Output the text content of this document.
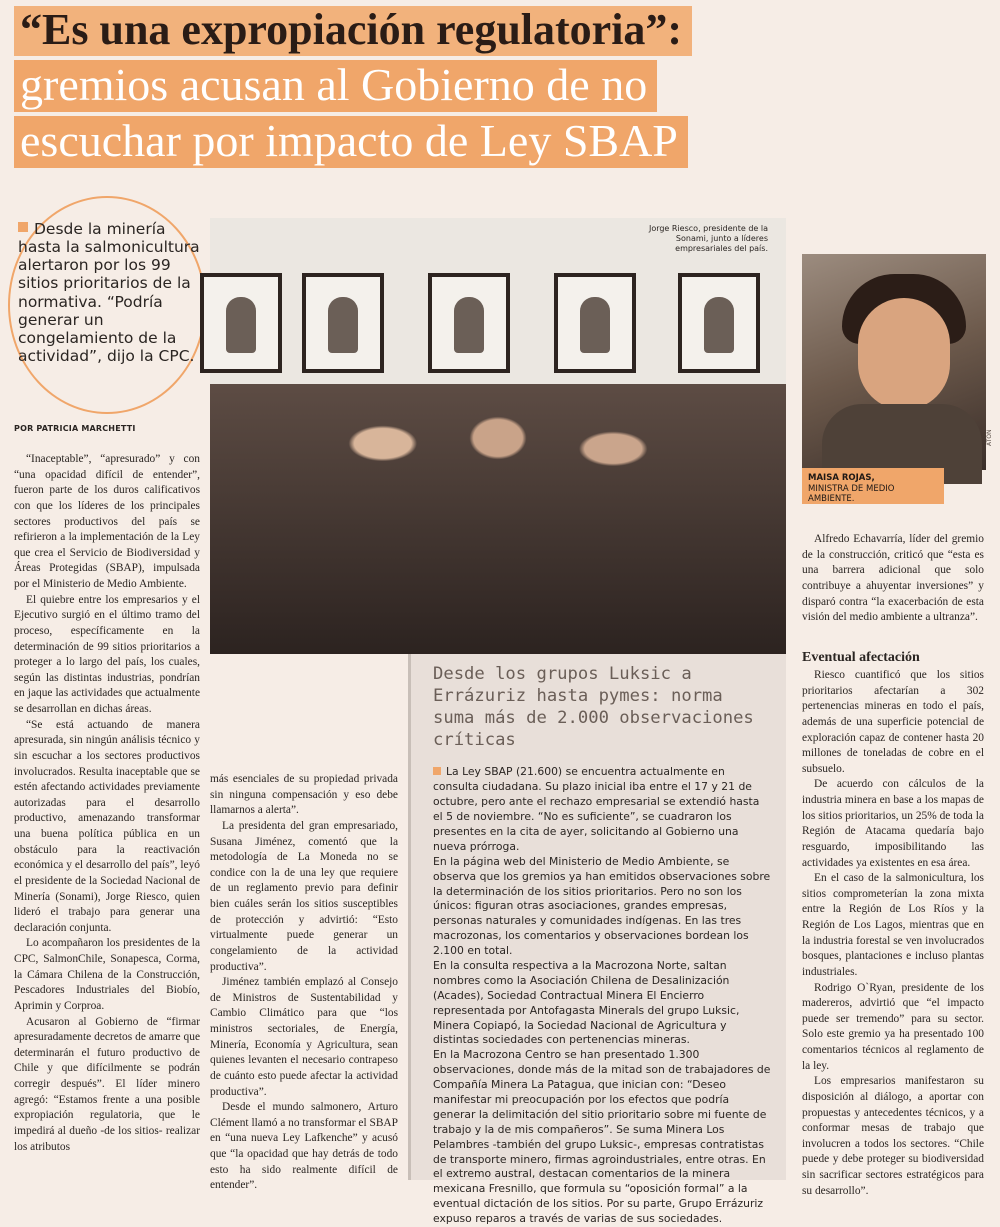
“Es una expropiación regulatoria”:
gremios acusan al Gobierno de no
escuchar por impacto de Ley SBAP
Desde la minería hasta la salmonicultura alertaron por los 99 sitios prioritarios de la normativa. “Podría generar un congelamiento de la actividad”, dijo la CPC.
POR PATRICIA MARCHETTI

“Inaceptable”, “apresurado” y con “una opacidad difícil de entender”, fueron parte de los duros calificativos con que los líderes de los principales sectores productivos del país se refirieron a la implementación de la Ley que crea el Servicio de Biodiversidad y Áreas Protegidas (SBAP), impulsada por el Ministerio de Medio Ambiente.

El quiebre entre los empresarios y el Ejecutivo surgió en el último tramo del proceso, específicamente en la determinación de 99 sitios prioritarios a proteger a lo largo del país, los cuales, según las distintas industrias, pondrían en jaque las actividades que actualmente se desarrollan en dichas áreas.

“Se está actuando de manera apresurada, sin ningún análisis técnico y sin escuchar a los sectores productivos involucrados. Resulta inaceptable que se estén afectando actividades previamente autorizadas para el desarrollo productivo, amenazando transformar una buena política pública en un obstáculo para la reactivación económica y el desarrollo del país”, leyó el presidente de la Sociedad Nacional de Minería (Sonami), Jorge Riesco, quien lideró el trabajo para generar una declaración conjunta.

Lo acompañaron los presidentes de la CPC, SalmonChile, Sonapesca, Corma, la Cámara Chilena de la Construcción, Pescadores Industriales del Biobío, Aprimin y Corproa.

Acusaron al Gobierno de “firmar apresuradamente decretos de amarre que determinarán el futuro productivo de Chile y que difícilmente se podrán corregir después”. El líder minero agregó: “Estamos frente a una posible expropiación regulatoria, que le impedirá al dueño -de los sitios- realizar los atributos

Jorge Riesco, presidente de la Sonami, junto a líderes empresariales del país.
ATON
MAISA ROJAS,
MINISTRA DE MEDIO AMBIENTE.

Alfredo Echavarría, líder del gremio de la construcción, criticó que “esta es una barrera adicional que solo contribuye a ahuyentar inversiones” y disparó contra “la exacerbación de esta visión del medio ambiente a ultranza”.

Eventual afectación

Riesco cuantificó que los sitios prioritarios afectarían a 302 pertenencias mineras en todo el país, además de una superficie potencial de exploración capaz de contener hasta 20 millones de toneladas de cobre en el subsuelo.

De acuerdo con cálculos de la industria minera en base a los mapas de los sitios prioritarios, un 25% de toda la Región de Atacama quedaría bajo resguardo, imposibilitando las actividades ya existentes en esa área.

En el caso de la salmonicultura, los sitios comprometerían la zona mixta entre la Región de Los Ríos y la Región de Los Lagos, mientras que en la industria forestal se ven involucrados bosques, plantaciones e incluso plantas industriales.

Rodrigo O`Ryan, presidente de los madereros, advirtió que “el impacto puede ser tremendo” para su sector. Solo este gremio ya ha presentado 100 comentarios técnicos al reglamento de la ley.

Los empresarios manifestaron su disposición al diálogo, a aportar con propuestas y antecedentes técnicos, y a conformar mesas de trabajo que involucren a todos los sectores. “Chile puede y debe proteger su biodiversidad sin sacrificar sectores estratégicos para su desarrollo”.

más esenciales de su propiedad privada sin ninguna compensación y eso debe llamarnos a alerta”.

La presidenta del gran empresariado, Susana Jiménez, comentó que la metodología de La Moneda no se condice con la de una ley que requiere de un reglamento previo para definir bien cuáles serán los sitios susceptibles de protección y advirtió: “Esto virtualmente puede generar un congelamiento de la actividad productiva”.

Jiménez también emplazó al Consejo de Ministros de Sustentabilidad y Cambio Climático para que “los ministros sectoriales, de Energía, Minería, Economía y Agricultura, sean quienes levanten el necesario contrapeso de cuánto esto puede afectar la actividad productiva”.

Desde el mundo salmonero, Arturo Clément llamó a no transformar el SBAP en “una nueva Ley Lafkenche” y acusó que “la opacidad que hay detrás de todo esto ha sido realmente difícil de entender”.

Desde los grupos Luksic a Errázuriz hasta pymes: norma suma más de 2.000 observaciones críticas

La Ley SBAP (21.600) se encuentra actualmente en consulta ciudadana. Su plazo inicial iba entre el 17 y 21 de octubre, pero ante el rechazo empresarial se extendió hasta el 5 de noviembre. “No es suficiente”, se cuadraron los presentes en la cita de ayer, solicitando al Gobierno una nueva prórroga.

En la página web del Ministerio de Medio Ambiente, se observa que los gremios ya han emitidos observaciones sobre la determinación de los sitios prioritarios. Pero no son los únicos: figuran otras asociaciones, grandes empresas, personas naturales y comunidades indígenas. En las tres macrozonas, los comentarios y observaciones bordean los 2.100 en total.

En la consulta respectiva a la Macrozona Norte, saltan nombres como la Asociación Chilena de Desalinización (Acades), Sociedad Contractual Minera El Encierro representada por Antofagasta Minerals del grupo Luksic, Minera Copiapó, la Sociedad Nacional de Agricultura y distintas sociedades con pertenencias mineras.

En la Macrozona Centro se han presentado 1.300 observaciones, donde más de la mitad son de trabajadores de Compañía Minera La Patagua, que inician con: “Deseo manifestar mi preocupación por los efectos que podría generar la delimitación del sitio prioritario sobre mi fuente de trabajo y la de mis compañeros”. Se suma Minera Los Pelambres -también del grupo Luksic-, empresas contratistas de transporte minero, firmas agroindustriales, entre otras. En el extremo austral, destacan comentarios de la minera mexicana Fresnillo, que formula su “oposición formal” a la eventual dictación de los sitios. Por su parte, Grupo Errázuriz expuso reparos a través de varias de sus sociedades.
